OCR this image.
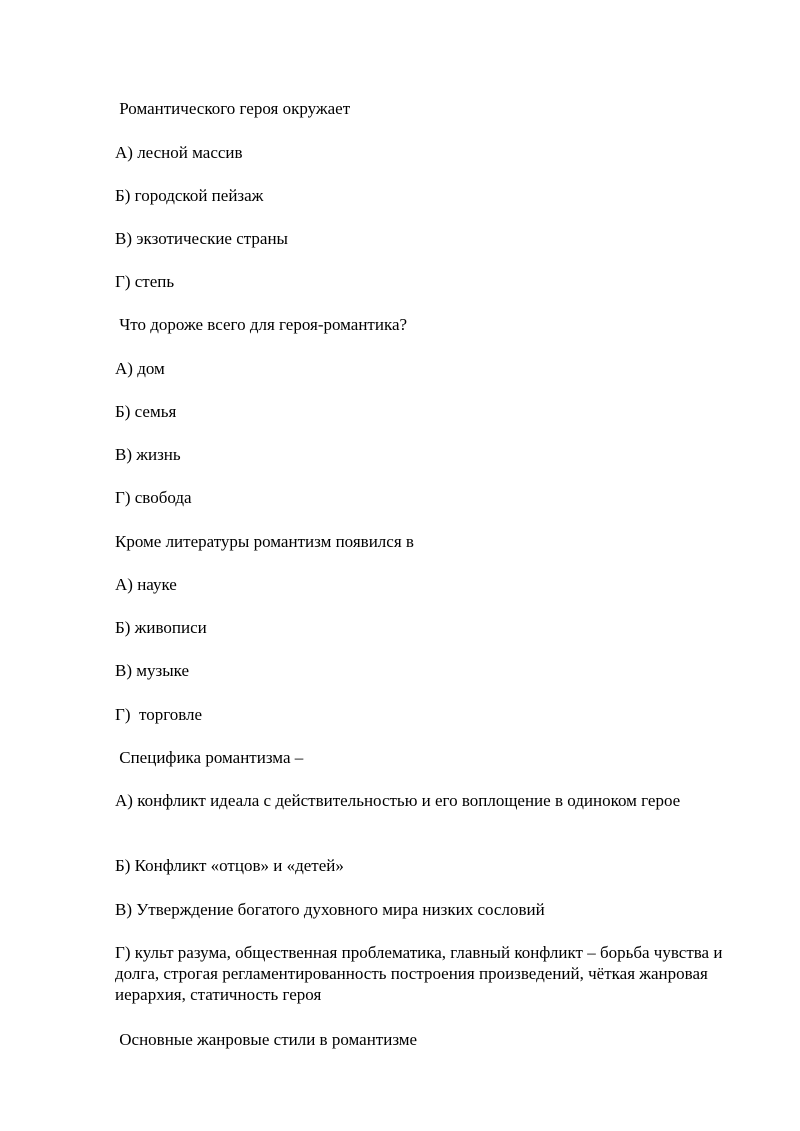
Романтического героя окружает
А) лесной массив
Б) городской пейзаж
В) экзотические страны
Г) степь
Что дороже всего для героя-романтика?
А) дом
Б) семья
В) жизнь
Г) свобода
Кроме литературы романтизм появился в
А) науке
Б) живописи
В) музыке
Г)  торговле
Специфика романтизма –
А) конфликт идеала с действительностью и его воплощение в одиноком герое
Б) Конфликт «отцов» и «детей»
В) Утверждение богатого духовного мира низких сословий
Г) культ разума, общественная проблематика, главный конфликт – борьба чувства и долга, строгая регламентированность построения произведений, чёткая жанровая иерархия, статичность героя
Основные жанровые стили в романтизме
